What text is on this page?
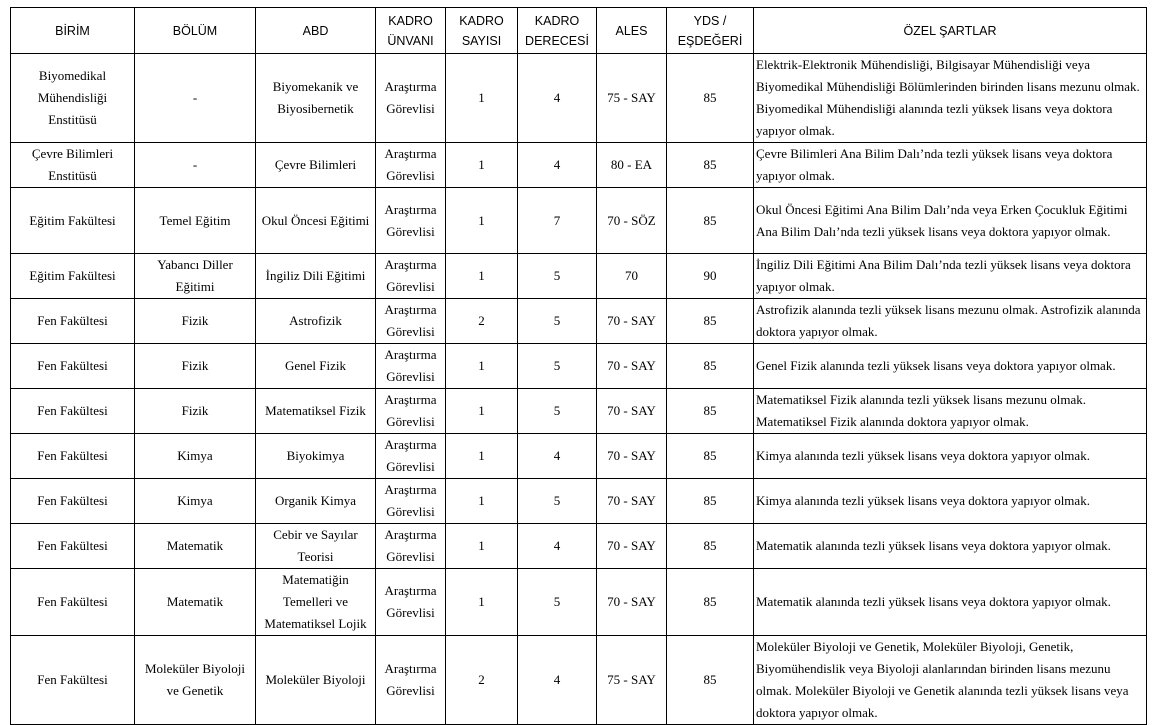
BİRİM	BÖLÜM	ABD	KADRO ÜNVANI	KADRO SAYISI	KADRO DERECESİ	ALES	YDS / EŞDEĞERİ	ÖZEL ŞARTLAR
Biyomedikal Mühendisliği Enstitüsü	-	Biyomekanik ve Biyosibernetik	Araştırma Görevlisi	1	4	75 - SAY	85	Elektrik-Elektronik Mühendisliği, Bilgisayar Mühendisliği veya Biyomedikal Mühendisliği Bölümlerinden birinden lisans mezunu olmak. Biyomedikal Mühendisliği alanında tezli yüksek lisans veya doktora yapıyor olmak.
Çevre Bilimleri Enstitüsü	-	Çevre Bilimleri	Araştırma Görevlisi	1	4	80 - EA	85	Çevre Bilimleri Ana Bilim Dalı’nda tezli yüksek lisans veya doktora yapıyor olmak.
Eğitim Fakültesi	Temel Eğitim	Okul Öncesi Eğitimi	Araştırma Görevlisi	1	7	70 - SÖZ	85	Okul Öncesi Eğitimi Ana Bilim Dalı’nda veya Erken Çocukluk Eğitimi Ana Bilim Dalı’nda tezli yüksek lisans veya doktora yapıyor olmak.
Eğitim Fakültesi	Yabancı Diller Eğitimi	İngiliz Dili Eğitimi	Araştırma Görevlisi	1	5	70	90	İngiliz Dili Eğitimi Ana Bilim Dalı’nda tezli yüksek lisans veya doktora yapıyor olmak.
Fen Fakültesi	Fizik	Astrofizik	Araştırma Görevlisi	2	5	70 - SAY	85	Astrofizik alanında tezli yüksek lisans mezunu olmak. Astrofizik alanında doktora yapıyor olmak.
Fen Fakültesi	Fizik	Genel Fizik	Araştırma Görevlisi	1	5	70 - SAY	85	Genel Fizik alanında tezli yüksek lisans veya doktora yapıyor olmak.
Fen Fakültesi	Fizik	Matematiksel Fizik	Araştırma Görevlisi	1	5	70 - SAY	85	Matematiksel Fizik alanında tezli yüksek lisans mezunu olmak. Matematiksel Fizik alanında doktora yapıyor olmak.
Fen Fakültesi	Kimya	Biyokimya	Araştırma Görevlisi	1	4	70 - SAY	85	Kimya alanında tezli yüksek lisans veya doktora yapıyor olmak.
Fen Fakültesi	Kimya	Organik Kimya	Araştırma Görevlisi	1	5	70 - SAY	85	Kimya alanında tezli yüksek lisans veya doktora yapıyor olmak.
Fen Fakültesi	Matematik	Cebir ve Sayılar Teorisi	Araştırma Görevlisi	1	4	70 - SAY	85	Matematik alanında tezli yüksek lisans veya doktora yapıyor olmak.
Fen Fakültesi	Matematik	Matematiğin Temelleri ve Matematiksel Lojik	Araştırma Görevlisi	1	5	70 - SAY	85	Matematik alanında tezli yüksek lisans veya doktora yapıyor olmak.
Fen Fakültesi	Moleküler Biyoloji ve Genetik	Moleküler Biyoloji	Araştırma Görevlisi	2	4	75 - SAY	85	Moleküler Biyoloji ve Genetik, Moleküler Biyoloji, Genetik, Biyomühendislik veya Biyoloji alanlarından birinden lisans mezunu olmak. Moleküler Biyoloji ve Genetik alanında tezli yüksek lisans veya doktora yapıyor olmak.
